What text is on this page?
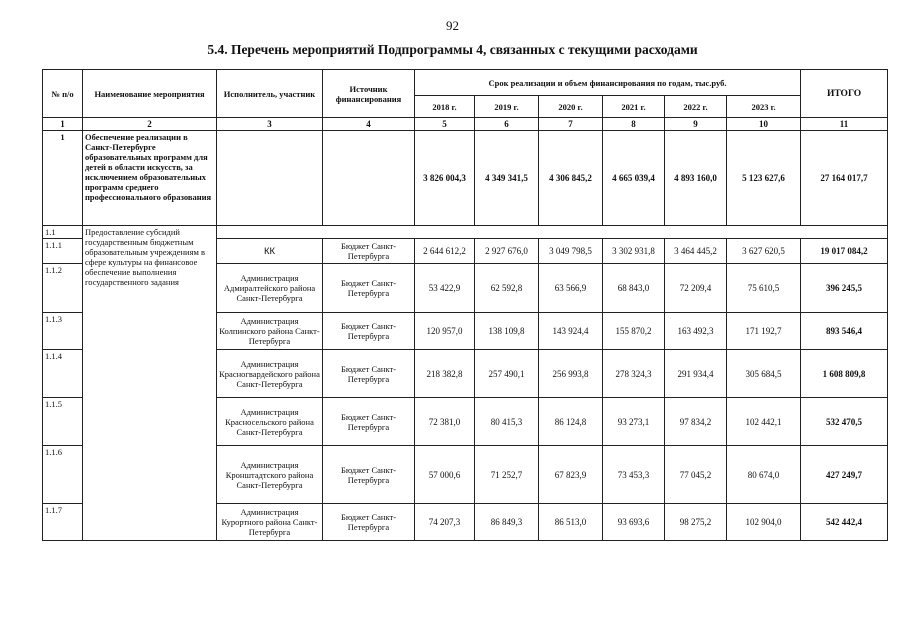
92
5.4. Перечень мероприятий Подпрограммы 4, связанных с текущими расходами
№ п/о	Наименование мероприятия	Исполнитель, участник	Источник финансирования	Срок реализации и объем финансирования по годам, тыс.руб.						ИТОГО
				2018 г.	2019 г.	2020 г.	2021 г.	2022 г.	2023 г.	
1	2	3	4	5	6	7	8	9	10	11
1	Обеспечение реализации в Санкт-Петербурге образовательных программ для детей в области искусств, за исключением образовательных программ среднего профессионального образования			3 826 004,3	4 349 341,5	4 306 845,2	4 665 039,4	4 893 160,0	5 123 627,6	27 164 017,7
1.1	Предоставление субсидий государственным бюджетным образовательным учреждениям в сфере культуры на финансовое обеспечение выполнения государственного задания									
1.1.1		КК	Бюджет Санкт-Петербурга	2 644 612,2	2 927 676,0	3 049 798,5	3 302 931,8	3 464 445,2	3 627 620,5	19 017 084,2
1.1.2		Администрация Адмиралтейского района Санкт-Петербурга	Бюджет Санкт-Петербурга	53 422,9	62 592,8	63 566,9	68 843,0	72 209,4	75 610,5	396 245,5
1.1.3		Администрация Колпинского района Санкт-Петербурга	Бюджет Санкт-Петербурга	120 957,0	138 109,8	143 924,4	155 870,2	163 492,3	171 192,7	893 546,4
1.1.4		Администрация Красногвардейского района Санкт-Петербурга	Бюджет Санкт-Петербурга	218 382,8	257 490,1	256 993,8	278 324,3	291 934,4	305 684,5	1 608 809,8
1.1.5		Администрация Красносельского района Санкт-Петербурга	Бюджет Санкт-Петербурга	72 381,0	80 415,3	86 124,8	93 273,1	97 834,2	102 442,1	532 470,5
1.1.6		Администрация Кронштадтского района Санкт-Петербурга	Бюджет Санкт-Петербурга	57 000,6	71 252,7	67 823,9	73 453,3	77 045,2	80 674,0	427 249,7
1.1.7		Администрация Курортного района Санкт-Петербурга	Бюджет Санкт-Петербурга	74 207,3	86 849,3	86 513,0	93 693,6	98 275,2	102 904,0	542 442,4
